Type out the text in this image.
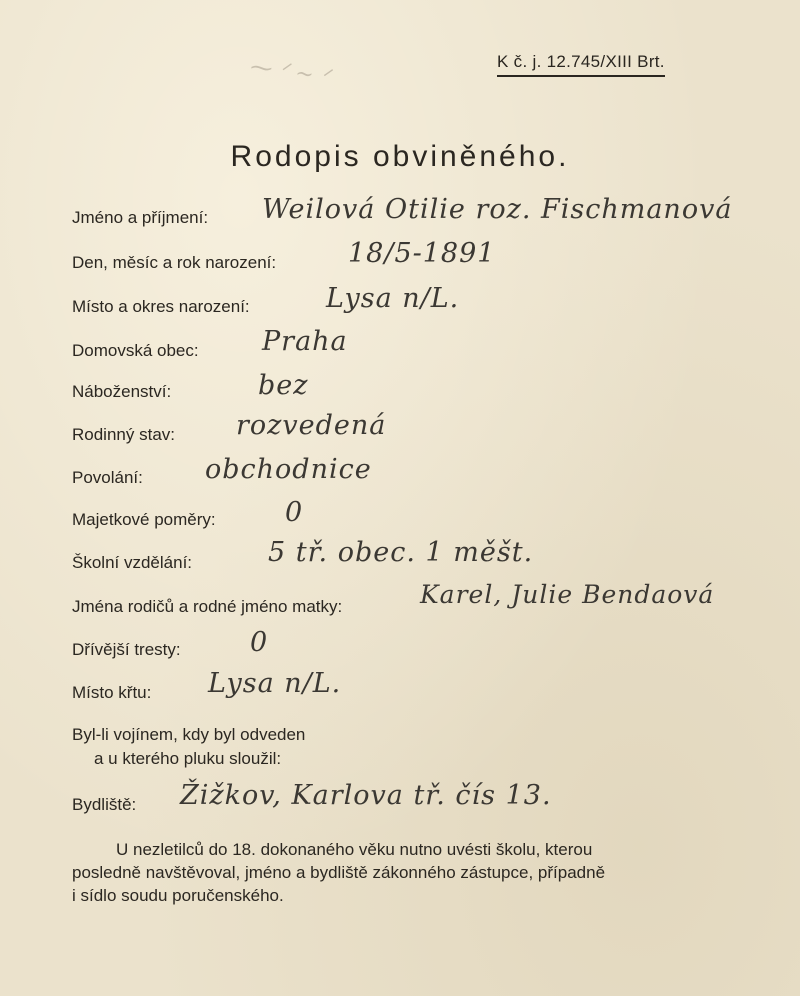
⁓ ᐟ ~ ᐟ	K č. j. 12.745/XIII Brt.
Rodopis obviněného.
Jméno a příjmení: Weilová Otilie roz. Fischmanová
Den, měsíc a rok narození:	18/5-1891
Místo a okres narození:	Lysa n/L.
Domovská obec: Praha
Náboženství:	bez
Rodinný stav: rozvedená
Povolání: obchodnice
Majetkové poměry:	0
Školní vzdělání:	5 tř. obec. 1 měšt.
Jména rodičů a rodné jméno matky:	Karel, Julie Bendaová
Dřívější tresty:	0
Místo křtu: Lysa n/L.
Byl-li vojínem, kdy byl odveden
a u kterého pluku sloužil:
Bydliště: Žižkov, Karlova tř. čís 13.
U nezletilců do 18. dokonaného věku nutno uvésti školu, kterou
posledně navštěvoval, jméno a bydliště zákonného zástupce, případně
i sídlo soudu poručenského.
